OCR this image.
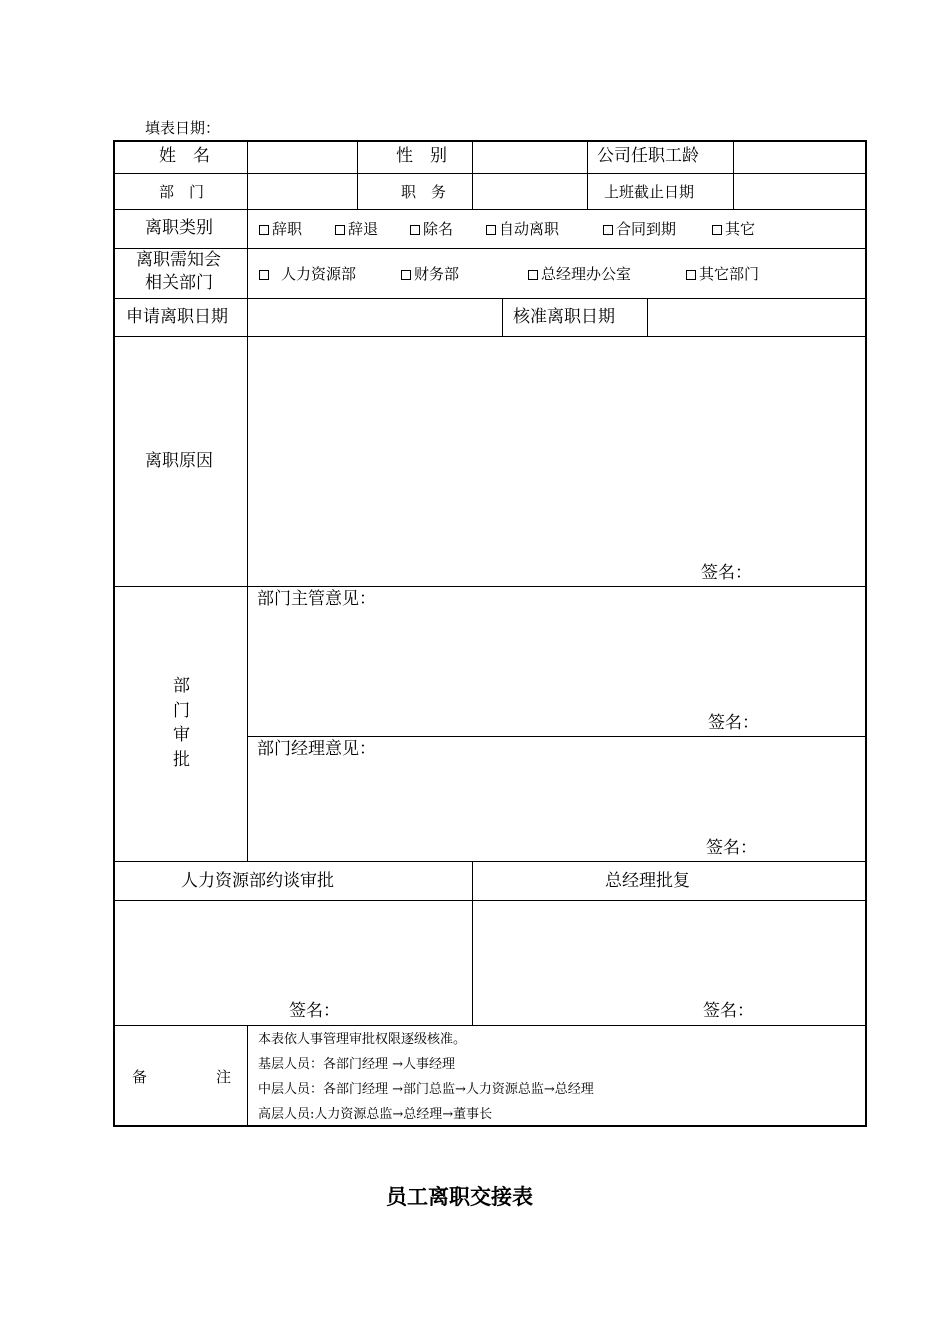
填表日期：
姓　名	性　别	公司任职工龄
部　门	职　务	上班截止日期
离职类别	辞职	辞退	除名	自动离职	合同到期	其它
离职需知会
相关部门	人力资源部	财务部	总经理办公室	其它部门
申请离职日期	核准离职日期
离职原因
签名：
部
门
审
批
部门主管意见：
签名：
部门经理意见：
签名：
人力资源部约谈审批	总经理批复
签名：	签名：
备	注
本表依人事管理审批权限逐级核准。
基层人员：各部门经理 →人事经理
中层人员：各部门经理 →部门总监→人力资源总监→总经理
高层人员:人力资源总监→总经理→董事长
员工离职交接表
